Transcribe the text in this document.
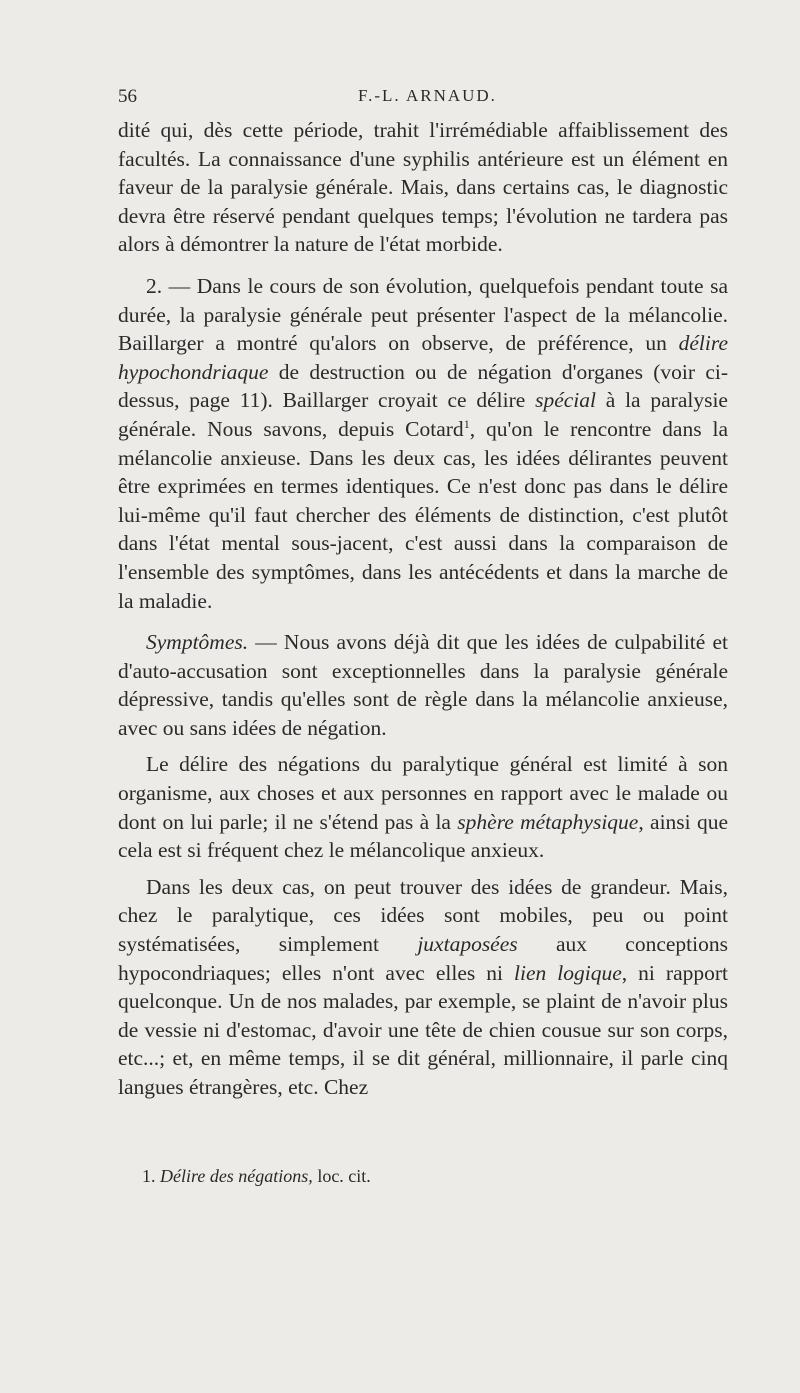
56	F.-L. ARNAUD.

dité qui, dès cette période, trahit l'irrémédiable affaiblissement des facultés. La connaissance d'une syphilis antérieure est un élément en faveur de la paralysie générale. Mais, dans certains cas, le diagnostic devra être réservé pendant quelques temps; l'évolution ne tardera pas alors à démontrer la nature de l'état morbide.

2. — Dans le cours de son évolution, quelquefois pendant toute sa durée, la paralysie générale peut présenter l'aspect de la mélancolie. Baillarger a montré qu'alors on observe, de préférence, un délire hypochondriaque de destruction ou de négation d'organes (voir ci-dessus, page 11). Baillarger croyait ce délire spécial à la paralysie générale. Nous savons, depuis Cotard$^1$, qu'on le rencontre dans la mélancolie anxieuse. Dans les deux cas, les idées délirantes peuvent être exprimées en termes identiques. Ce n'est donc pas dans le délire lui-même qu'il faut chercher des éléments de distinction, c'est plutôt dans l'état mental sous-jacent, c'est aussi dans la comparaison de l'ensemble des symptômes, dans les antécédents et dans la marche de la maladie.

Symptômes. — Nous avons déjà dit que les idées de culpabilité et d'auto-accusation sont exceptionnelles dans la paralysie générale dépressive, tandis qu'elles sont de règle dans la mélancolie anxieuse, avec ou sans idées de négation.

Le délire des négations du paralytique général est limité à son organisme, aux choses et aux personnes en rapport avec le malade ou dont on lui parle; il ne s'étend pas à la sphère métaphysique, ainsi que cela est si fréquent chez le mélancolique anxieux.

Dans les deux cas, on peut trouver des idées de grandeur. Mais, chez le paralytique, ces idées sont mobiles, peu ou point systématisées, simplement juxtaposées aux conceptions hypocondriaques; elles n'ont avec elles ni lien logique, ni rapport quelconque. Un de nos malades, par exemple, se plaint de n'avoir plus de vessie ni d'estomac, d'avoir une tête de chien cousue sur son corps, etc...; et, en même temps, il se dit général, millionnaire, il parle cinq langues étrangères, etc. Chez

1. Délire des négations, loc. cit.
